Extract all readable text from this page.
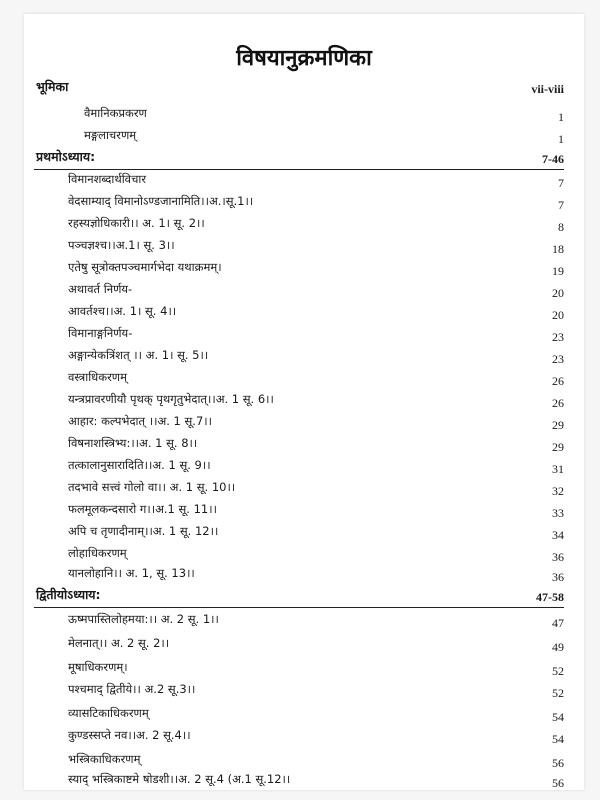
विषयानुक्रमणिका
भूमिका	vii-viii
वैमानिकप्रकरण	1
मङ्गलाचरणम्	1
प्रथमोऽध्याय:	7-46
विमानशब्दार्थविचार	7
वेदसाम्याद् विमानोऽण्डजानामिति।।अ.।सू.1।।	7
रहस्यज्ञोधिकारी।। अ. 1। सू. 2।।	8
पञ्चज्ञश्च।।अ.1। सू. 3।।	18
एतेषु सूत्रोक्तपञ्चमार्गभेदा यथाक्रमम्।	19
अथावर्त निर्णय-	20
आवर्तश्च।।अ. 1। सू. 4।।	20
विमानाङ्गनिर्णय-	23
अङ्गान्येकत्रिंशत् ।। अ. 1। सू. 5।।	23
वस्त्राधिकरणम्	26
यन्त्रप्रावरणीयौ पृथक् पृथगृतुभेदात्।।अ. 1 सू. 6।।	26
आहार: कल्पभेदात् ।।अ. 1 सू.7।।	29
विषनाशस्त्रिभ्य:।।अ. 1 सू. 8।।	29
तत्कालानुसारादिति।।अ. 1 सू. 9।।	31
तदभावे सत्त्वं गोलो वा।। अ. 1 सू. 10।।	32
फलमूलकन्दसारो ग।।अ.1 सू. 11।।	33
अपि च तृणादीनाम्।।अ. 1 सू. 12।।	34
लोहाधिकरणम्	36
यानलोहानि।। अ. 1, सू. 13।।	36
द्वितीयोऽध्याय:	47-58
ऊष्मपास्तिलोहमया:।। अ. 2 सू. 1।।	47
मेलनात्।। अ. 2 सू. 2।।	49
मूषाधिकरणम्।	52
पश्चमाद् द्वितीये।। अ.2 सू.3।।	52
व्यासटिकाधिकरणम्	54
कुण्डस्सप्ते नव।।अ. 2 सू.4।।	54
भस्त्रिकाधिकरणम्	56
स्याद् भस्त्रिकाष्टमे षोडशी।।अ. 2 सू.4 (अ.1 सू.12।।	56
